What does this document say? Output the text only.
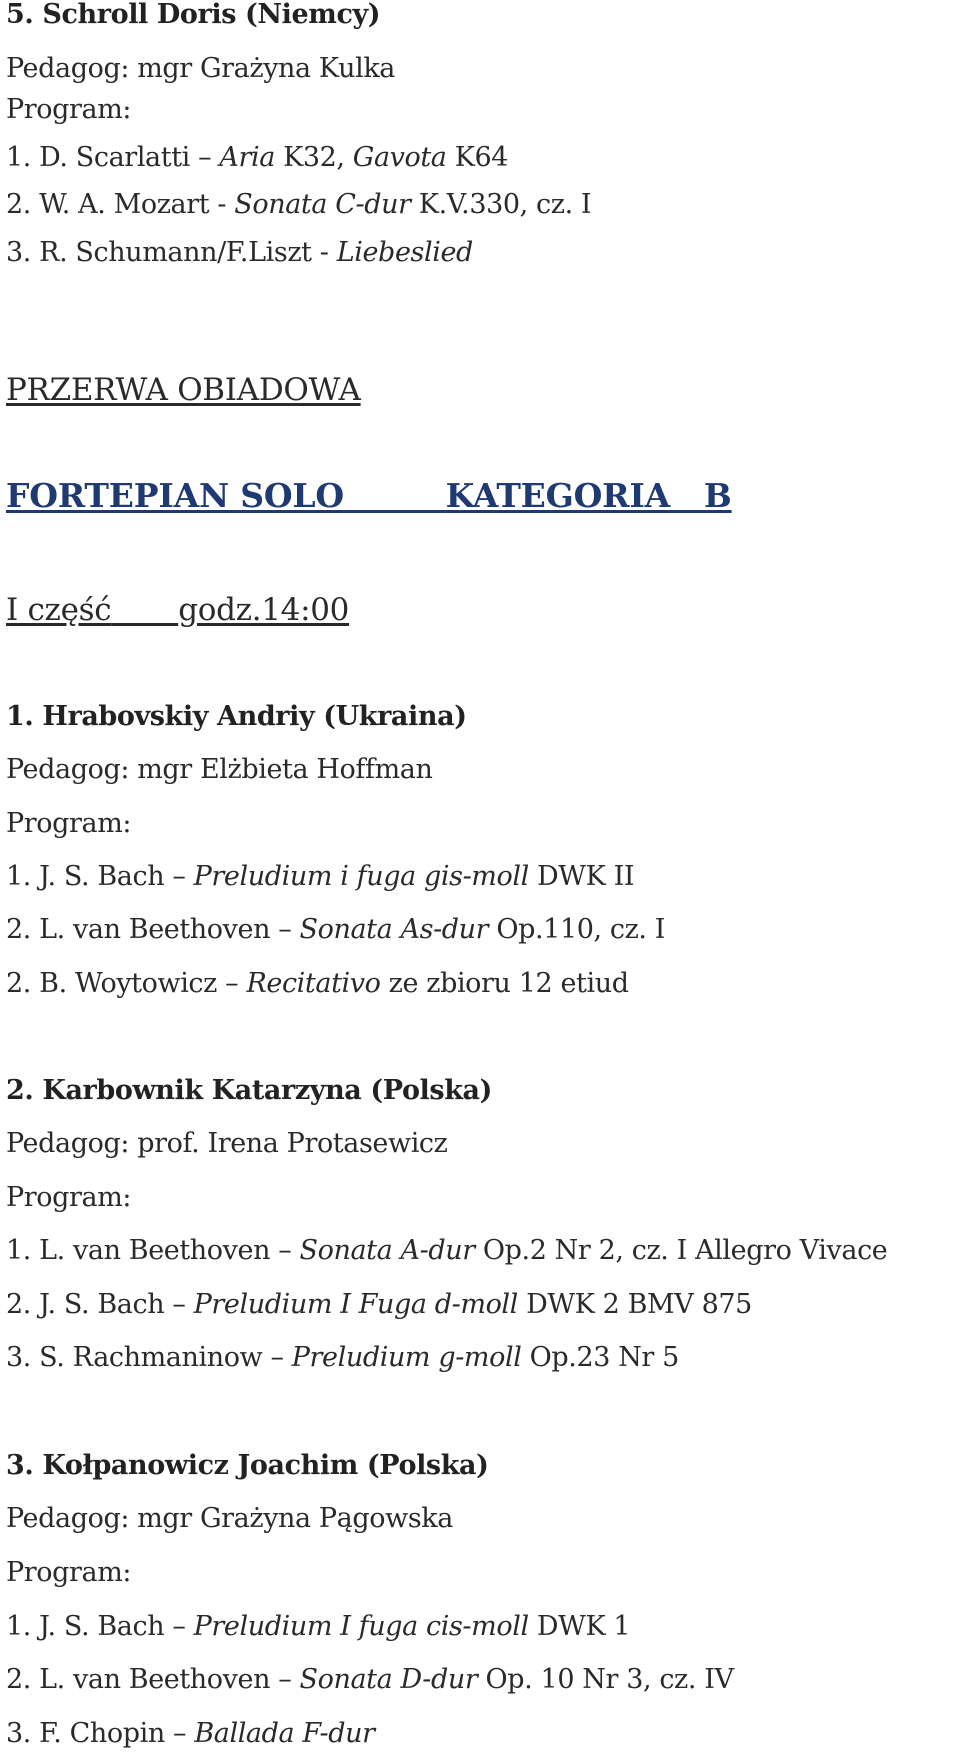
5. Schroll Doris (Niemcy)
Pedagog: mgr Grażyna Kulka
Program:
1. D. Scarlatti – Aria K32, Gavota K64
2. W. A. Mozart - Sonata C-dur K.V.330, cz. I
3. R. Schumann/F.Liszt - Liebeslied
PRZERWA OBIADOWA
FORTEPIAN SOLO	KATEGORIA   B
I część godz.14:00
1. Hrabovskiy Andriy (Ukraina)
Pedagog: mgr Elżbieta Hoffman
Program:
1. J. S. Bach – Preludium i fuga gis-moll DWK II
2. L. van Beethoven – Sonata As-dur Op.110, cz. I
2. B. Woytowicz – Recitativo ze zbioru 12 etiud
2. Karbownik Katarzyna (Polska)
Pedagog: prof. Irena Protasewicz
Program:
1. L. van Beethoven – Sonata A-dur Op.2 Nr 2, cz. I Allegro Vivace
2. J. S. Bach – Preludium I Fuga d-moll DWK 2 BMV 875
3. S. Rachmaninow – Preludium g-moll Op.23 Nr 5
3. Kołpanowicz Joachim (Polska)
Pedagog: mgr Grażyna Pągowska
Program:
1. J. S. Bach – Preludium I fuga cis-moll DWK 1
2. L. van Beethoven – Sonata D-dur Op. 10 Nr 3, cz. IV
3. F. Chopin – Ballada F-dur
